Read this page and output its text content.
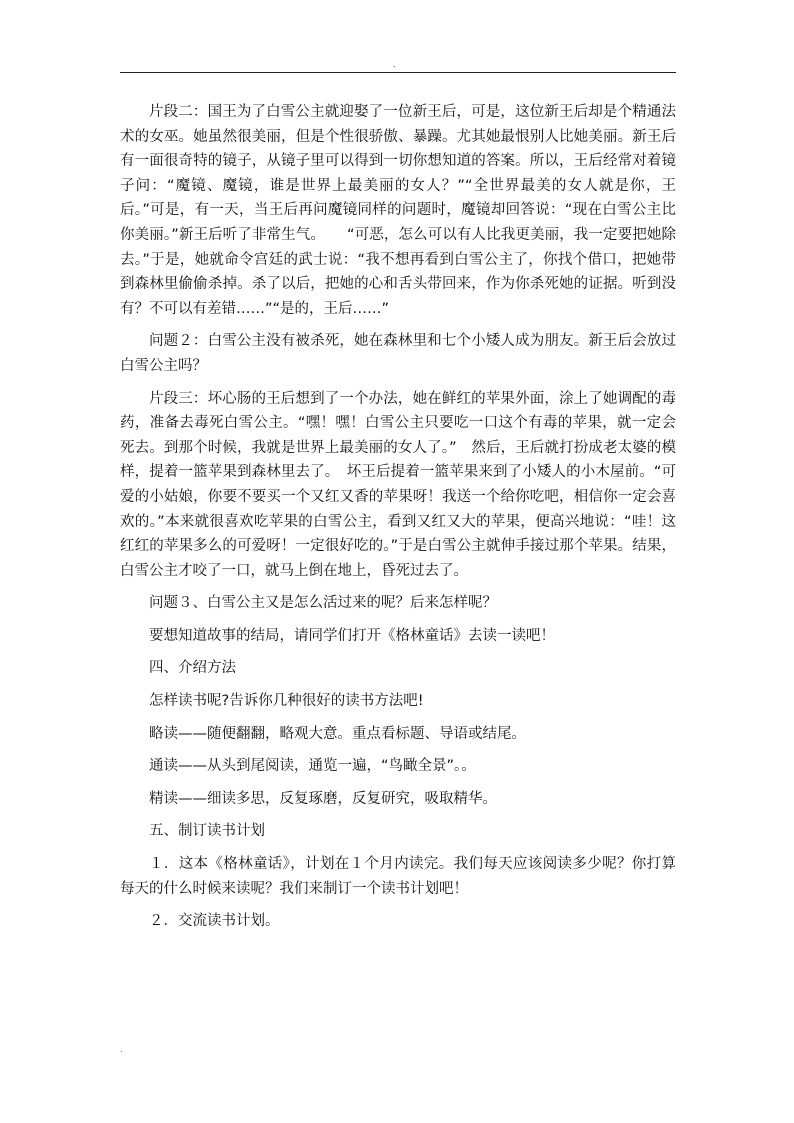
.

片段二：国王为了白雪公主就迎娶了一位新王后，可是，这位新王后却是个精通法术的女巫。她虽然很美丽，但是个性很骄傲、暴躁。尤其她最恨别人比她美丽。新王后有一面很奇特的镜子，从镜子里可以得到一切你想知道的答案。所以，王后经常对着镜子问：“魔镜、魔镜，谁是世界上最美丽的女人？”“全世界最美的女人就是你，王后。”可是，有一天，当王后再问魔镜同样的问题时，魔镜却回答说：“现在白雪公主比你美丽。”新王后听了非常生气。　　“可恶，怎么可以有人比我更美丽，我一定要把她除去。”于是，她就命令宫廷的武士说：“我不想再看到白雪公主了，你找个借口，把她带到森林里偷偷杀掉。杀了以后，把她的心和舌头带回来，作为你杀死她的证据。听到没有？不可以有差错……”“是的，王后……”

问题２：白雪公主没有被杀死，她在森林里和七个小矮人成为朋友。新王后会放过白雪公主吗？

片段三：坏心肠的王后想到了一个办法，她在鲜红的苹果外面，涂上了她调配的毒药，准备去毒死白雪公主。“嘿！嘿！白雪公主只要吃一口这个有毒的苹果，就一定会死去。到那个时候，我就是世界上最美丽的女人了。”　然后，王后就打扮成老太婆的模样，提着一篮苹果到森林里去了。　坏王后提着一篮苹果来到了小矮人的小木屋前。“可爱的小姑娘，你要不要买一个又红又香的苹果呀！我送一个给你吃吧，相信你一定会喜欢的。”本来就很喜欢吃苹果的白雪公主，看到又红又大的苹果，便高兴地说：“哇！这红红的苹果多么的可爱呀！一定很好吃的。”于是白雪公主就伸手接过那个苹果。结果，白雪公主才咬了一口，就马上倒在地上，昏死过去了。

问题３、白雪公主又是怎么活过来的呢？后来怎样呢？

要想知道故事的结局，请同学们打开《格林童话》去读一读吧！

四、介绍方法

怎样读书呢?告诉你几种很好的读书方法吧!

略读——随便翻翻，略观大意。重点看标题、导语或结尾。

通读——从头到尾阅读，通览一遍，“鸟瞰全景”。。

精读——细读多思，反复琢磨，反复研究，吸取精华。

五、制订读书计划

１．这本《格林童话》，计划在１个月内读完。我们每天应该阅读多少呢？你打算每天的什么时候来读呢？我们来制订一个读书计划吧！

２．交流读书计划。

.
